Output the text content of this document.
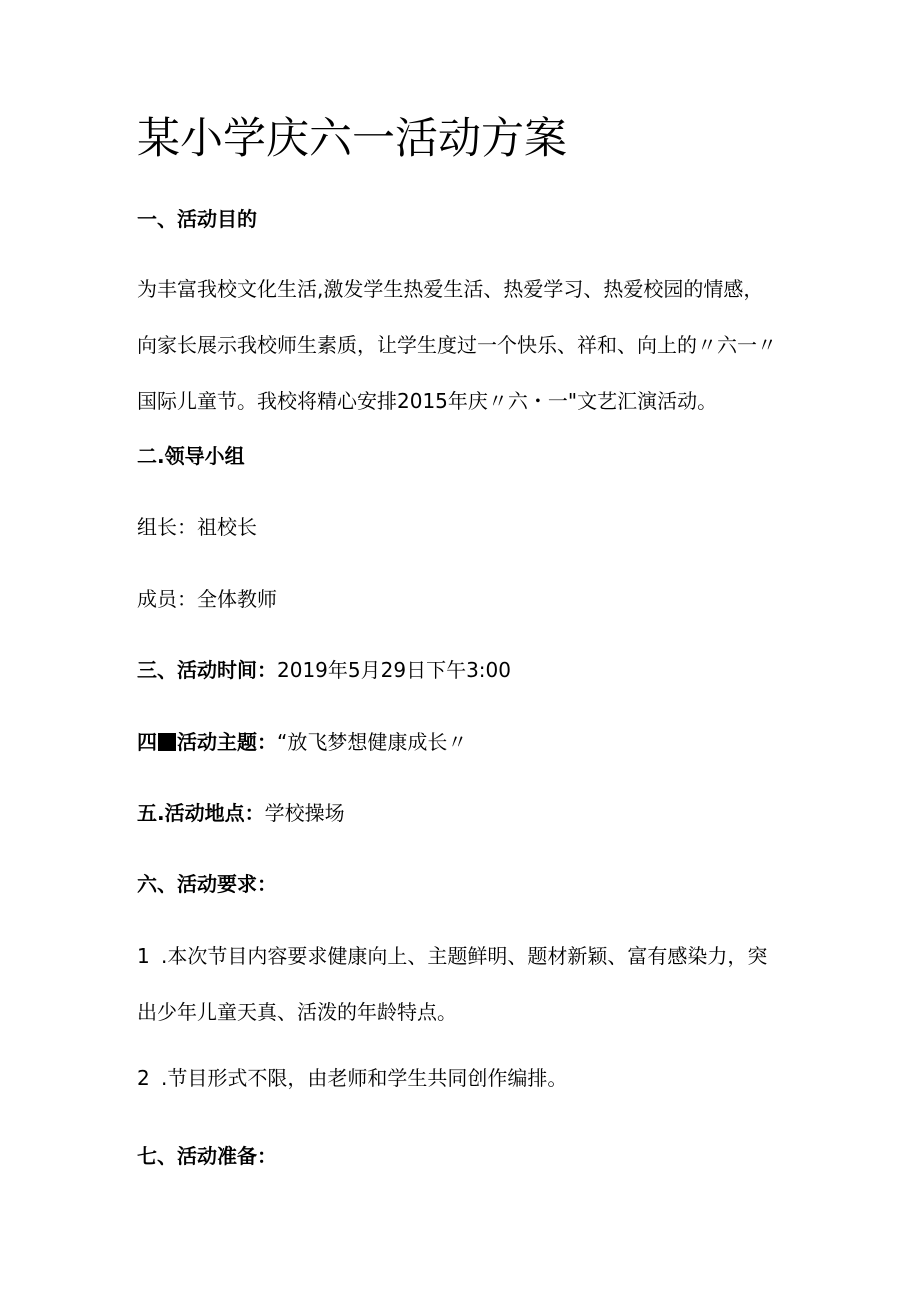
某小学庆六一活动方案
一、活动目的
为丰富我校文化生活,激发学生热爱生活、热爱学习、热爱校园的情感，
向家长展示我校师生素质，让学生度过一个快乐、祥和、向上的〃六一〃
国际儿童节。我校将精心安排2015年庆〃六・一"文艺汇演活动。
二.领导小组
组长：祖校长
成员：全体教师
三、活动时间：2019年5月29日下午3:00
四 活动主题：“放飞梦想健康成长〃
五.活动地点：学校操场
六、活动要求：
1 .本次节目内容要求健康向上、主题鲜明、题材新颖、富有感染力，突
出少年儿童天真、活泼的年龄特点。
2 .节目形式不限，由老师和学生共同创作编排。
七、活动准备：
